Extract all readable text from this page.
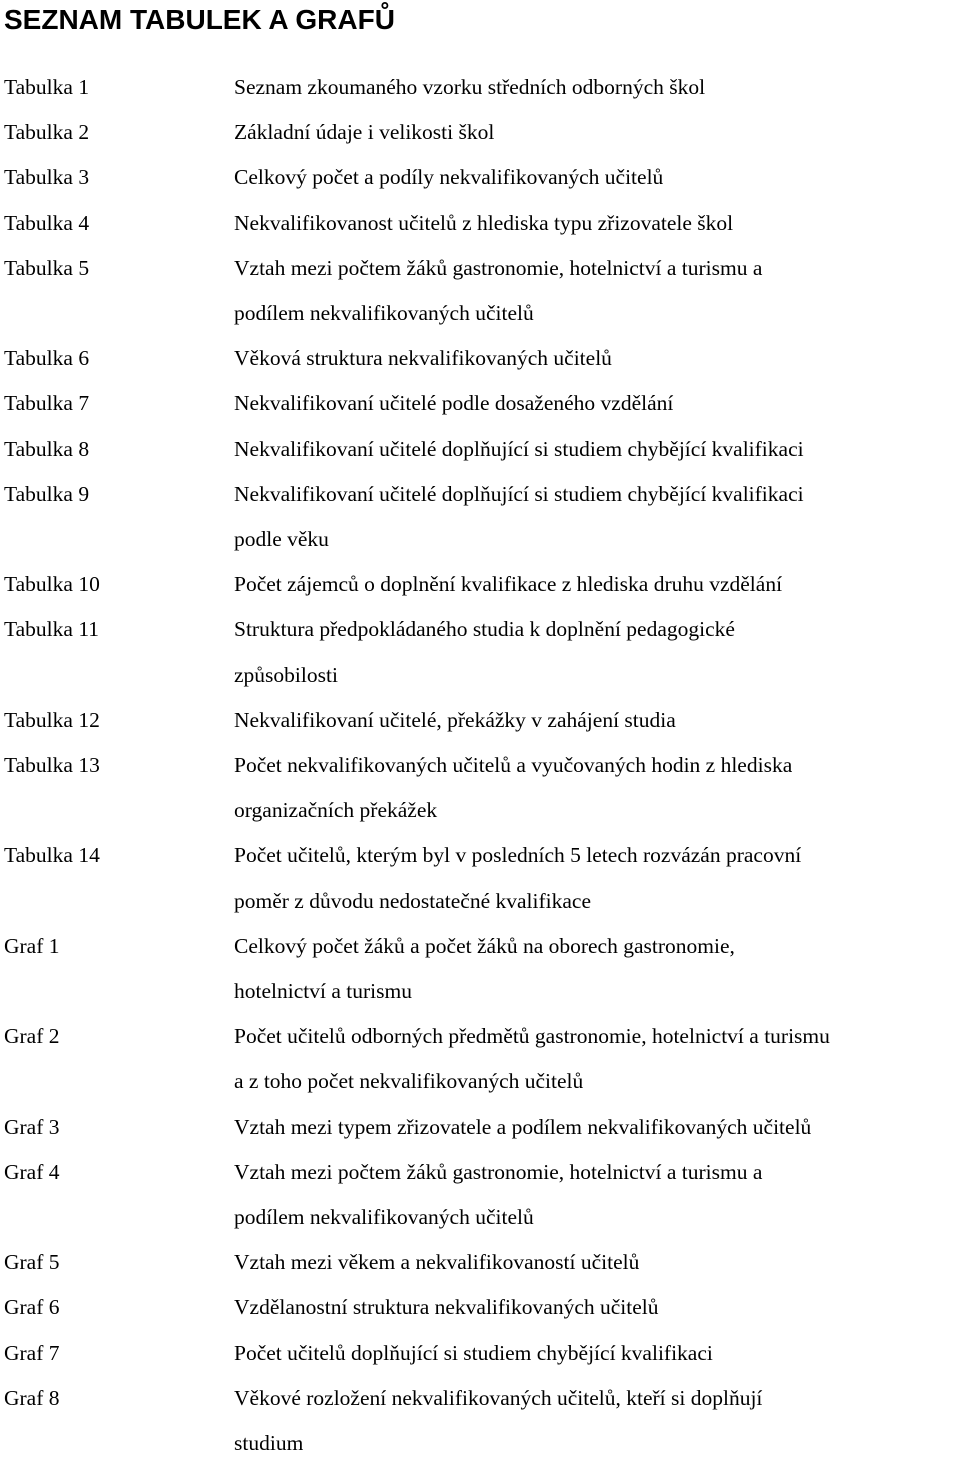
SEZNAM TABULEK A GRAFŮ
Tabulka 1	Seznam zkoumaného vzorku středních odborných škol
Tabulka 2	Základní údaje i velikosti škol
Tabulka 3	Celkový počet a podíly nekvalifikovaných učitelů
Tabulka 4	Nekvalifikovanost učitelů z hlediska typu zřizovatele škol
Tabulka 5	Vztah mezi počtem žáků gastronomie, hotelnictví a turismu a
podílem nekvalifikovaných učitelů
Tabulka 6	Věková struktura nekvalifikovaných učitelů
Tabulka 7	Nekvalifikovaní učitelé podle dosaženého vzdělání
Tabulka 8	Nekvalifikovaní učitelé doplňující si studiem chybějící kvalifikaci
Tabulka 9	Nekvalifikovaní učitelé doplňující si studiem chybějící kvalifikaci
podle věku
Tabulka 10	Počet zájemců o doplnění kvalifikace z hlediska druhu vzdělání
Tabulka 11	Struktura předpokládaného studia k doplnění pedagogické
způsobilosti
Tabulka 12	Nekvalifikovaní učitelé, překážky v zahájení studia
Tabulka 13	Počet nekvalifikovaných učitelů a vyučovaných hodin z hlediska
organizačních překážek
Tabulka 14	Počet učitelů, kterým byl v posledních 5 letech rozvázán pracovní
poměr z důvodu nedostatečné kvalifikace
Graf 1	Celkový počet žáků a počet žáků na oborech gastronomie,
hotelnictví a turismu
Graf 2	Počet učitelů odborných předmětů gastronomie, hotelnictví a turismu
a z toho počet nekvalifikovaných učitelů
Graf 3	Vztah mezi typem zřizovatele a podílem nekvalifikovaných učitelů
Graf 4	Vztah mezi počtem žáků gastronomie, hotelnictví a turismu a
podílem nekvalifikovaných učitelů
Graf 5	Vztah mezi věkem a nekvalifikovaností učitelů
Graf 6	Vzdělanostní struktura nekvalifikovaných učitelů
Graf 7	Počet učitelů doplňující si studiem chybějící kvalifikaci
Graf 8	Věkové rozložení nekvalifikovaných učitelů, kteří si doplňují
studium
